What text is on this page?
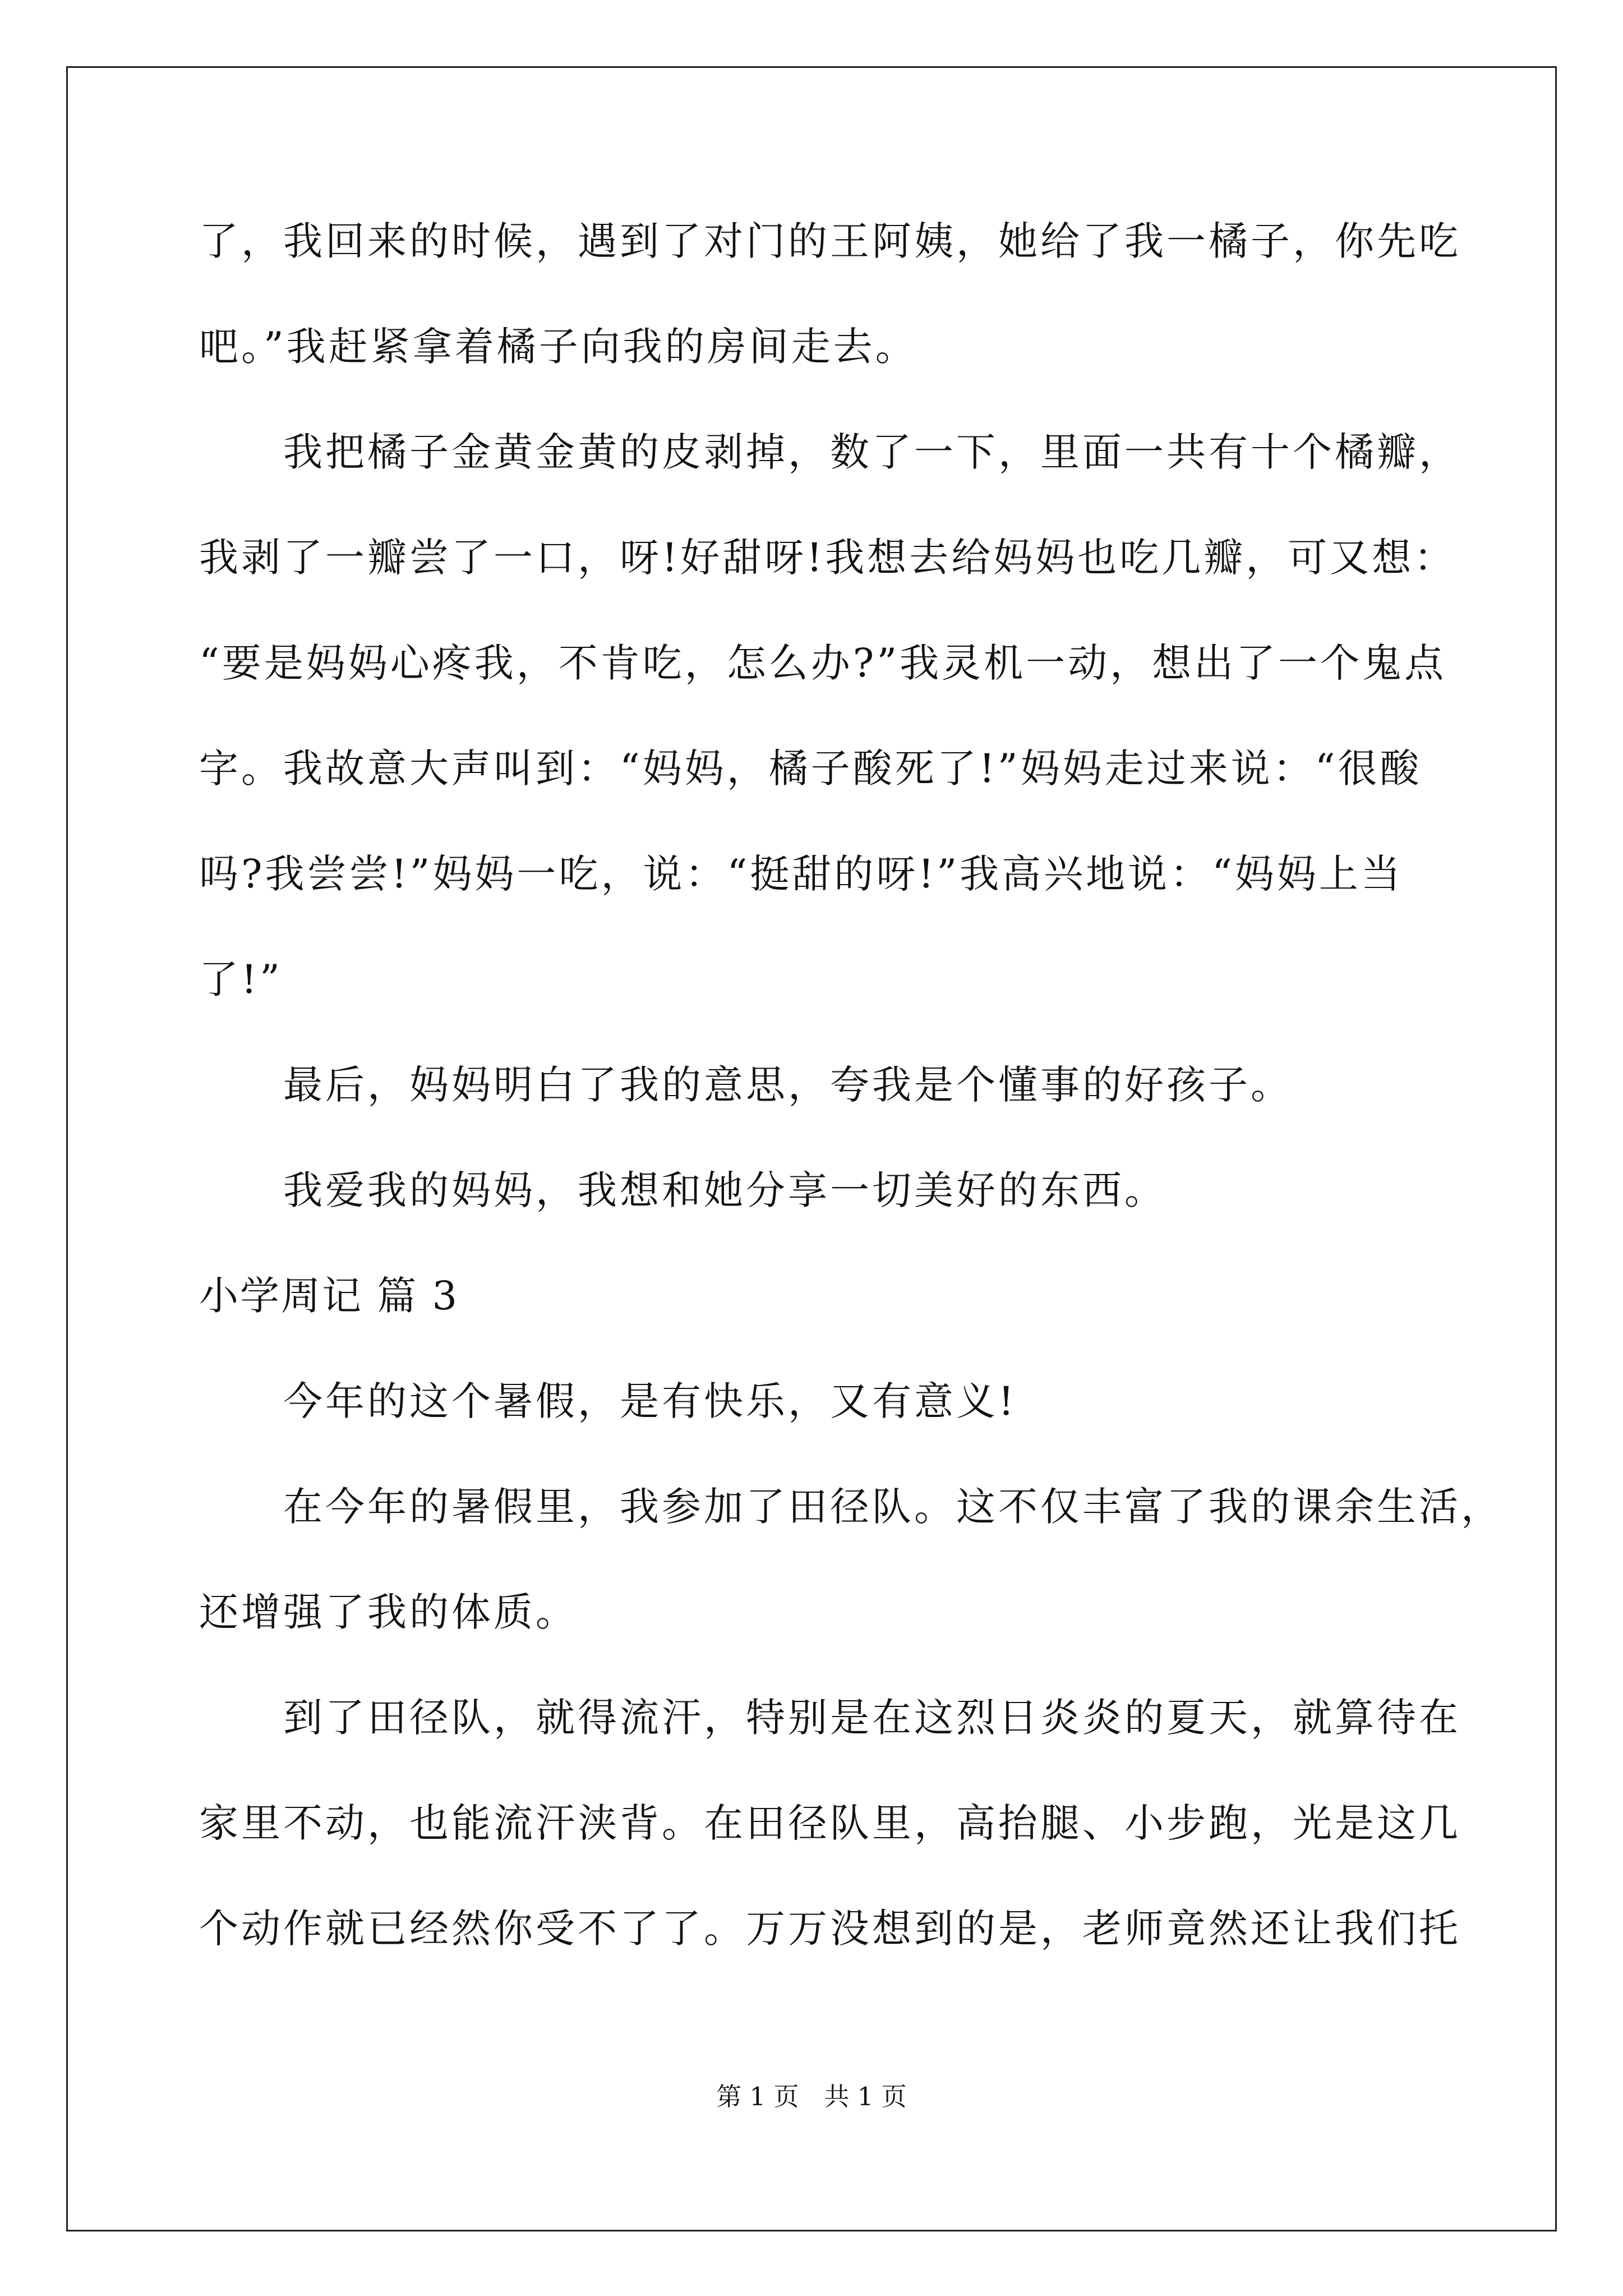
了，我回来的时候，遇到了对门的王阿姨，她给了我一橘子，你先吃
吧。”我赶紧拿着橘子向我的房间走去。
我把橘子金黄金黄的皮剥掉，数了一下，里面一共有十个橘瓣，
我剥了一瓣尝了一口，呀!好甜呀!我想去给妈妈也吃几瓣，可又想：
“要是妈妈心疼我，不肯吃，怎么办?”我灵机一动，想出了一个鬼点
字。我故意大声叫到：“妈妈，橘子酸死了!”妈妈走过来说：“很酸
吗?我尝尝!”妈妈一吃，说：“挺甜的呀!”我高兴地说：“妈妈上当
了!”
最后，妈妈明白了我的意思，夸我是个懂事的好孩子。
我爱我的妈妈，我想和她分享一切美好的东西。
小学周记 篇 3
今年的这个暑假，是有快乐，又有意义!
在今年的暑假里，我参加了田径队。这不仅丰富了我的课余生活，
还增强了我的体质。
到了田径队，就得流汗，特别是在这烈日炎炎的夏天，就算待在
家里不动，也能流汗浃背。在田径队里，高抬腿、小步跑，光是这几
个动作就已经然你受不了了。万万没想到的是，老师竟然还让我们托
第 1 页　共 1 页
